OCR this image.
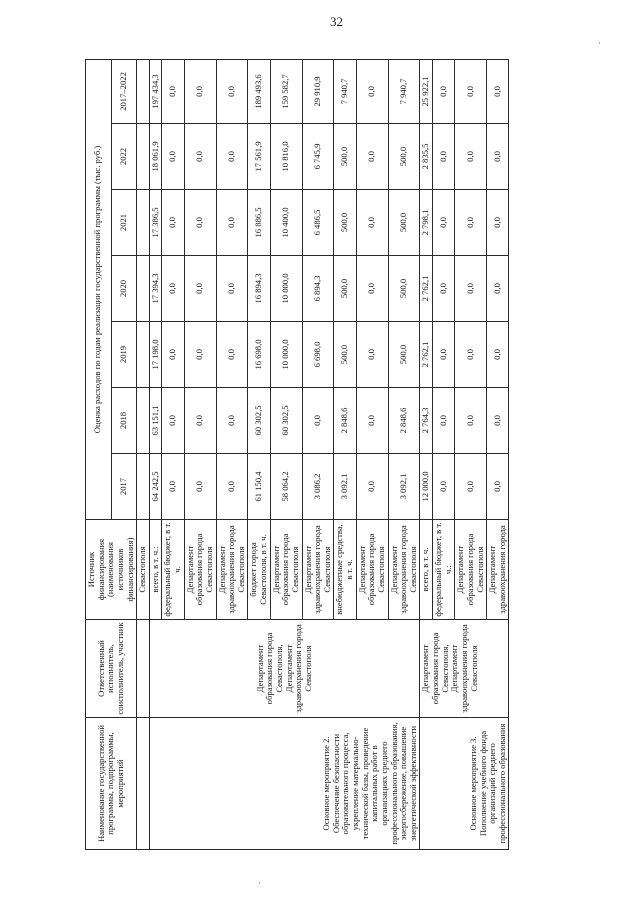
32
·
·
Наименование государственной программы, подпрограммы, мероприятий	Ответственный исполнитель, соисполнитель, участник	Источник финансирования (наименования источников финансирования)	Оценка расходов по годам реализации государственной программы (тыс. руб.)						
			2017	2018	2019	2020	2021	2022	2017–2022
		Севастополя							
Основное мероприятие 2. Обеспечение безопасности образовательного процесса, укрепление материально-технической базы, проведение капитальных работ в организациях среднего профессионального образования, энергосбережение, повышение энергетической эффективности	Департамент образования города Севастополя, Департамент здравоохранения города Севастополя	всего, в т. ч.:	64 242,5	63 151,1	17 198,0	17 394,3	17 386,5	18 061,9	197 434,3
		федеральный бюджет, в т. ч.	0,0	0,0	0,0	0,0	0,0	0,0	0,0
		Департамент образования города Севастополя	0,0	0,0	0,0	0,0	0,0	0,0	0,0
		Департамент здравоохранения города Севастополя	0,0	0,0	0,0	0,0	0,0	0,0	0,0
		бюджет города Севастополя, в т. ч.	61 150,4	60 302,5	16 698,0	16 894,3	16 886,5	17 561,9	189 493,6
		Департамент образования города Севастополя	58 064,2	60 302,5	10 000,0	10 000,0	10 400,0	10 816,0	159 582,7
		Департамент здравоохранения города Севастополя	3 086,2	0,0	6 698,0	6 894,3	6 486,5	6 745,9	29 910,9
		внебюджетные средства, в т. ч.	3 092,1	2 848,6	500,0	500,0	500,0	500,0	7 940,7
		Департамент образования города Севастополя	0,0	0,0	0,0	0,0	0,0	0,0	0,0
		Департамент здравоохранения города Севастополя	3 092,1	2 848,6	500,0	500,0	500,0	500,0	7 940,7
Основное мероприятие 3. Пополнение учебного фонда организаций среднего профессионального образования	Департамент образования города Севастополя, Департамент здравоохранения города Севастополя	всего, в т. ч.	12 000,0	2 764,3	2 762,1	2 762,1	2 798,1	2 835,5	25 922,1
		федеральный бюджет, в т. ч.:	0,0	0,0	0,0	0,0	0,0	0,0	0,0
		Департамент образования города Севастополя	0,0	0,0	0,0	0,0	0,0	0,0	0,0
		Департамент здравоохранения города	0,0	0,0	0,0	0,0	0,0	0,0	0,0
